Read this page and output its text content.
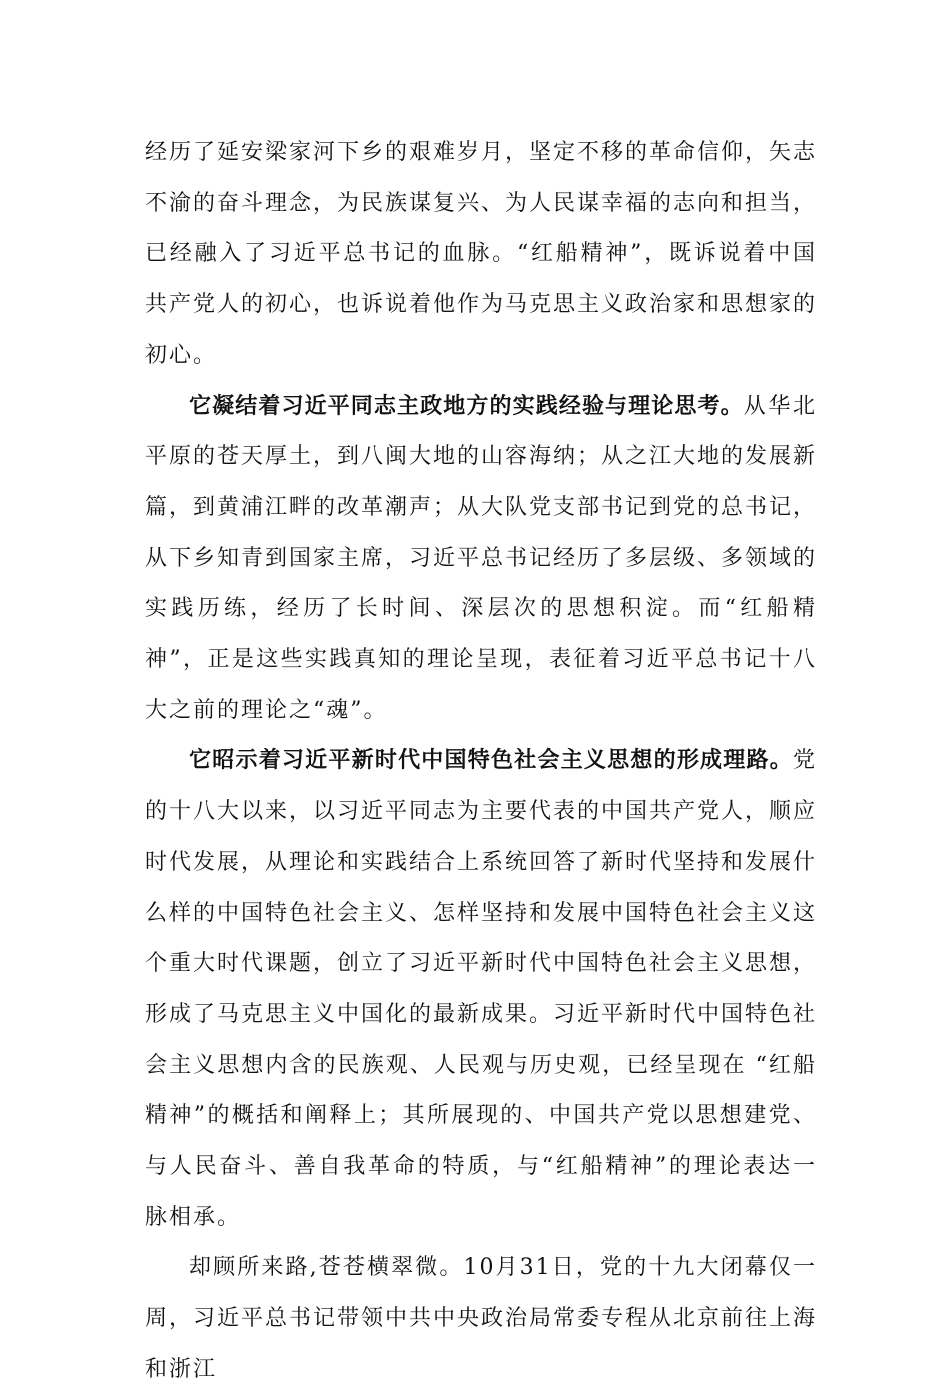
经历了延安梁家河下乡的艰难岁月，坚定不移的革命信仰，矢志不渝的奋斗理念，为民族谋复兴、为人民谋幸福的志向和担当，已经融入了习近平总书记的血脉。“红船精神”，既诉说着中国共产党人的初心，也诉说着他作为马克思主义政治家和思想家的初心。

它凝结着习近平同志主政地方的实践经验与理论思考。从华北平原的苍天厚土，到八闽大地的山容海纳；从之江大地的发展新篇，到黄浦江畔的改革潮声；从大队党支部书记到党的总书记，从下乡知青到国家主席，习近平总书记经历了多层级、多领域的实践历练，经历了长时间、深层次的思想积淀。而“红船精神”，正是这些实践真知的理论呈现，表征着习近平总书记十八大之前的理论之“魂”。

它昭示着习近平新时代中国特色社会主义思想的形成理路。党的十八大以来，以习近平同志为主要代表的中国共产党人，顺应时代发展，从理论和实践结合上系统回答了新时代坚持和发展什么样的中国特色社会主义、怎样坚持和发展中国特色社会主义这个重大时代课题，创立了习近平新时代中国特色社会主义思想，形成了马克思主义中国化的最新成果。习近平新时代中国特色社会主义思想内含的民族观、人民观与历史观，已经呈现在 “红船精神”的概括和阐释上；其所展现的、中国共产党以思想建党、与人民奋斗、善自我革命的特质，与“红船精神”的理论表达一脉相承。

却顾所来路,苍苍横翠微。10月31日，党的十九大闭幕仅一周，习近平总书记带领中共中央政治局常委专程从北京前往上海和浙江
